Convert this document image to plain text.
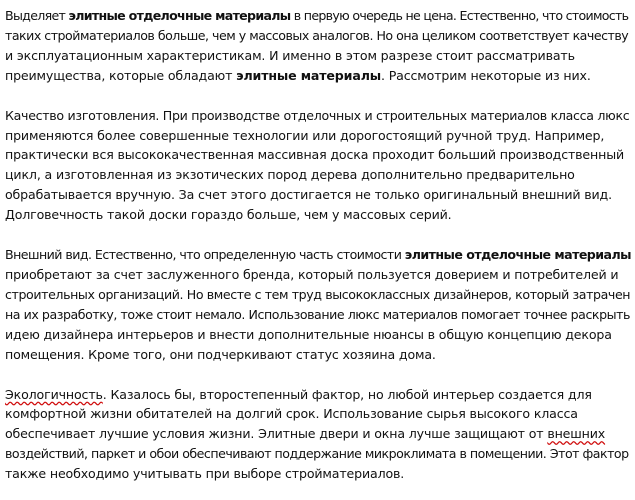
Выделяет элитные отделочные материалы в первую очередь не цена. Естественно, что стоимость
таких стройматериалов больше, чем у массовых аналогов. Но она целиком соответствует качеству
и эксплуатационным характеристикам. И именно в этом разрезе стоит рассматривать
преимущества, которые обладают элитные материалы. Рассмотрим некоторые из них.
Качество изготовления. При производстве отделочных и строительных материалов класса люкс
применяются более совершенные технологии или дорогостоящий ручной труд. Например,
практически вся высококачественная массивная доска проходит больший производственный
цикл, а изготовленная из экзотических пород дерева дополнительно предварительно
обрабатывается вручную. За счет этого достигается не только оригинальный внешний вид.
Долговечность такой доски гораздо больше, чем у массовых серий.
Внешний вид. Естественно, что определенную часть стоимости элитные отделочные материалы
приобретают за счет заслуженного бренда, который пользуется доверием и потребителей и
строительных организаций. Но вместе с тем труд высококлассных дизайнеров, который затрачен
на их разработку, тоже стоит немало. Использование люкс материалов помогает точнее раскрыть
идею дизайнера интерьеров и внести дополнительные нюансы в общую концепцию декора
помещения. Кроме того, они подчеркивают статус хозяина дома.
Экологичность. Казалось бы, второстепенный фактор, но любой интерьер создается для
комфортной жизни обитателей на долгий срок. Использование сырья высокого класса
обеспечивает лучшие условия жизни. Элитные двери и окна лучше защищают от внешних
воздействий, паркет и обои обеспечивают поддержание микроклимата в помещении. Этот фактор
также необходимо учитывать при выборе стройматериалов.
